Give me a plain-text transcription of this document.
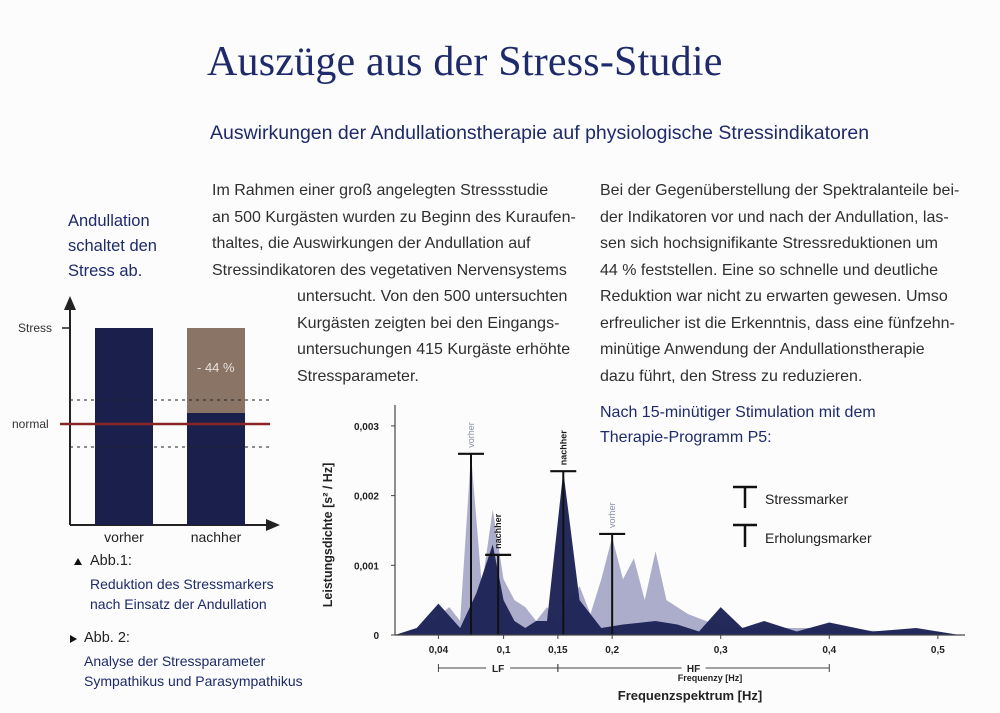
Auszüge aus der Stress-Studie
Auswirkungen der Andullationstherapie auf physiologische Stressindikatoren
Im Rahmen einer groß angelegten Stressstudie
an 500 Kurgästen wurden zu Beginn des Kuraufen-
thaltes, die Auswirkungen der Andullation auf
Stressindikatoren des vegetativen Nervensystems
untersucht. Von den 500 untersuchten
Kurgästen zeigten bei den Eingangs-
untersuchungen 415 Kurgäste erhöhte
Stressparameter.
Bei der Gegenüberstellung der Spektralanteile bei-
der Indikatoren vor und nach der Andullation, las-
sen sich hochsignifikante Stressreduktionen um
44 % feststellen. Eine so schnelle und deutliche
Reduktion war nicht zu erwarten gewesen. Umso
erfreulicher ist die Erkenntnis, dass eine fünfzehn-
minütige Anwendung der Andullationstherapie
dazu führt, den Stress zu reduzieren.
Andullation
schaltet den
Stress ab.
Nach 15-minütiger Stimulation mit dem
Therapie-Programm P5:
Stress
normal
- 44 %
vorher	nachher
Abb.1:
Reduktion des Stressmarkers
nach Einsatz der Andullation
Abb. 2:
Analyse der Stressparameter
Sympathikus und Parasympathikus
vorher
nachher
nachher
vorher
0
0,001
0,002
0,003
0,04	0,1	0,15	0,2	0,3	0,4	0,5
LF	HF
Leistungsdichte [s² / Hz]
Frequenzy [Hz]
Frequenzspektrum [Hz]
Stressmarker
Erholungsmarker
